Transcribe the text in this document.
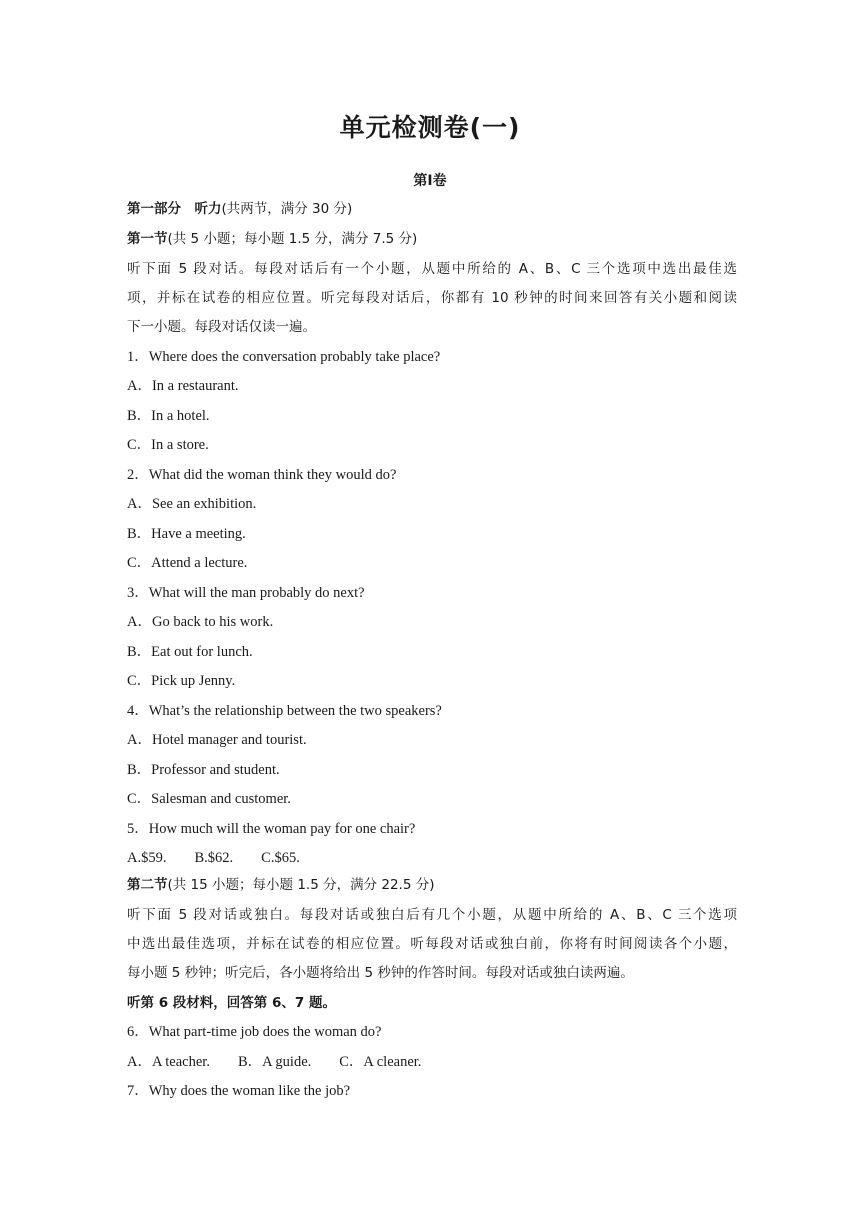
单元检测卷(一)
第Ⅰ卷
第一部分　听力(共两节，满分 30 分)
第一节(共 5 小题；每小题 1.5 分，满分 7.5 分)
听下面 5 段对话。每段对话后有一个小题，从题中所给的 A、B、C 三个选项中选出最佳选
项，并标在试卷的相应位置。听完每段对话后，你都有 10 秒钟的时间来回答有关小题和阅读
下一小题。每段对话仅读一遍。
1．Where does the conversation probably take place?
A．In a restaurant.
B．In a hotel.
C．In a store.
2．What did the woman think they would do?
A．See an exhibition.
B．Have a meeting.
C．Attend a lecture.
3．What will the man probably do next?
A．Go back to his work.
B．Eat out for lunch.
C．Pick up Jenny.
4．What’s the relationship between the two speakers?
A．Hotel manager and tourist.
B．Professor and student.
C．Salesman and customer.
5．How much will the woman pay for one chair?
A.$59. B.$62. C.$65.
第二节(共 15 小题；每小题 1.5 分，满分 22.5 分)
听下面 5 段对话或独白。每段对话或独白后有几个小题，从题中所给的 A、B、C 三个选项
中选出最佳选项，并标在试卷的相应位置。听每段对话或独白前，你将有时间阅读各个小题，
每小题 5 秒钟；听完后，各小题将给出 5 秒钟的作答时间。每段对话或独白读两遍。
听第 6 段材料，回答第 6、7 题。
6．What part-time job does the woman do?
A．A teacher. B．A guide. C．A cleaner.
7．Why does the woman like the job?
